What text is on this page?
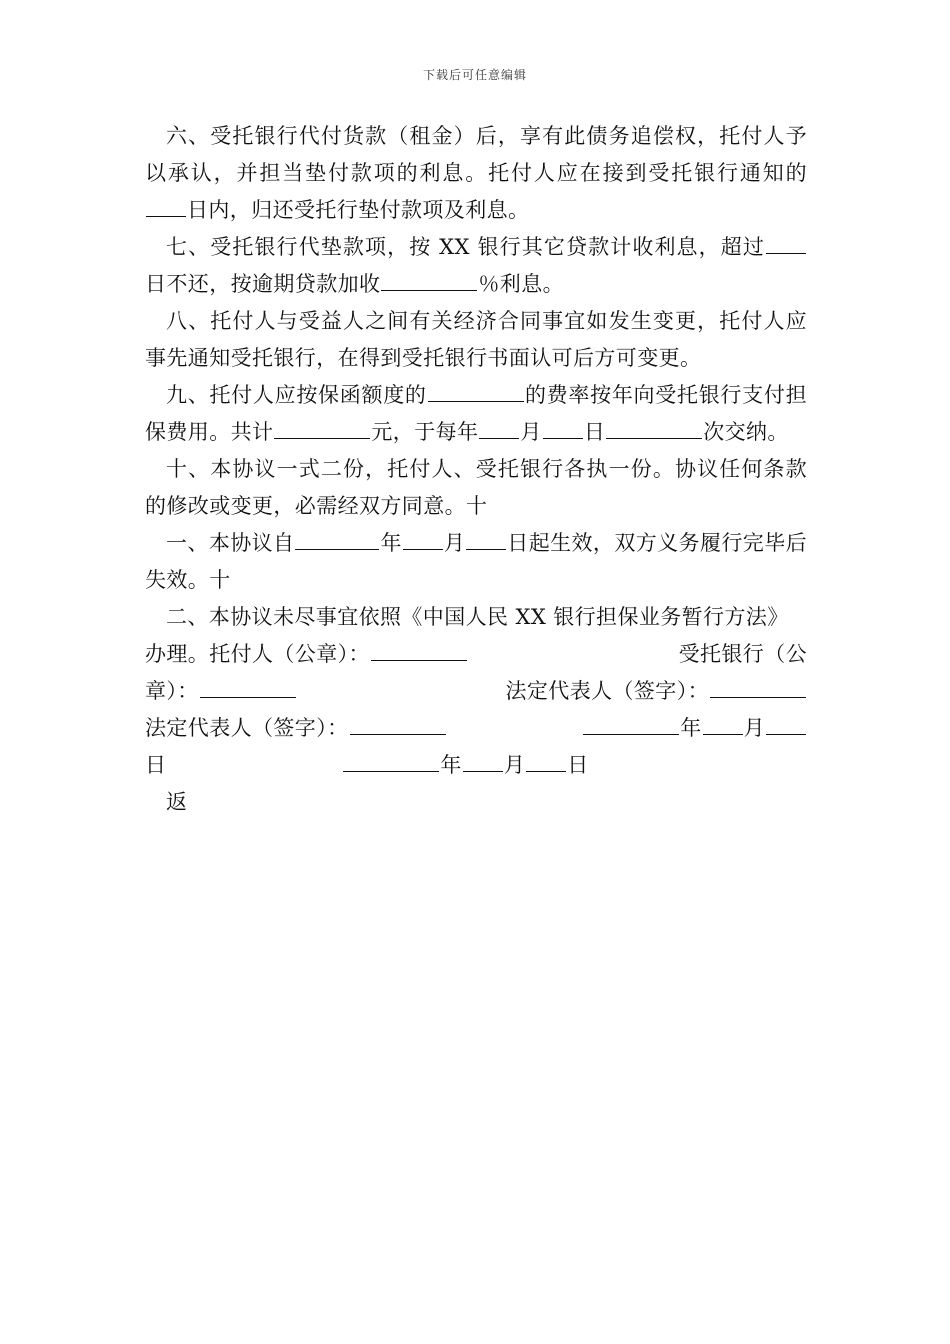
下载后可任意编辑

六、受托银行代付货款（租金）后，享有此债务追偿权，托付人予以承认，并担当垫付款项的利息。托付人应在接到受托银行通知的日内，归还受托行垫付款项及利息。

七、受托银行代垫款项，按 XX 银行其它贷款计收利息，超过日不还，按逾期贷款加收	％利息。

八、托付人与受益人之间有关经济合同事宜如发生变更，托付人应事先通知受托银行，在得到受托银行书面认可后方可变更。

九、托付人应按保函额度的	的费率按年向受托银行支付担保费用。共计	元，于每年 月 日	次交纳。

十、本协议一式二份，托付人、受托银行各执一份。协议任何条款的修改或变更，必需经双方同意。十

一、本协议自	年 月 日起生效，双方义务履行完毕后失效。十

二、本协议未尽事宜依照《中国人民 XX 银行担保业务暂行方法》

办理。托付人（公章）：	受托银行（公
章）：	法定代表人（签字）：
法定代表人（签字）：	年 月
日	年 月 日

返
